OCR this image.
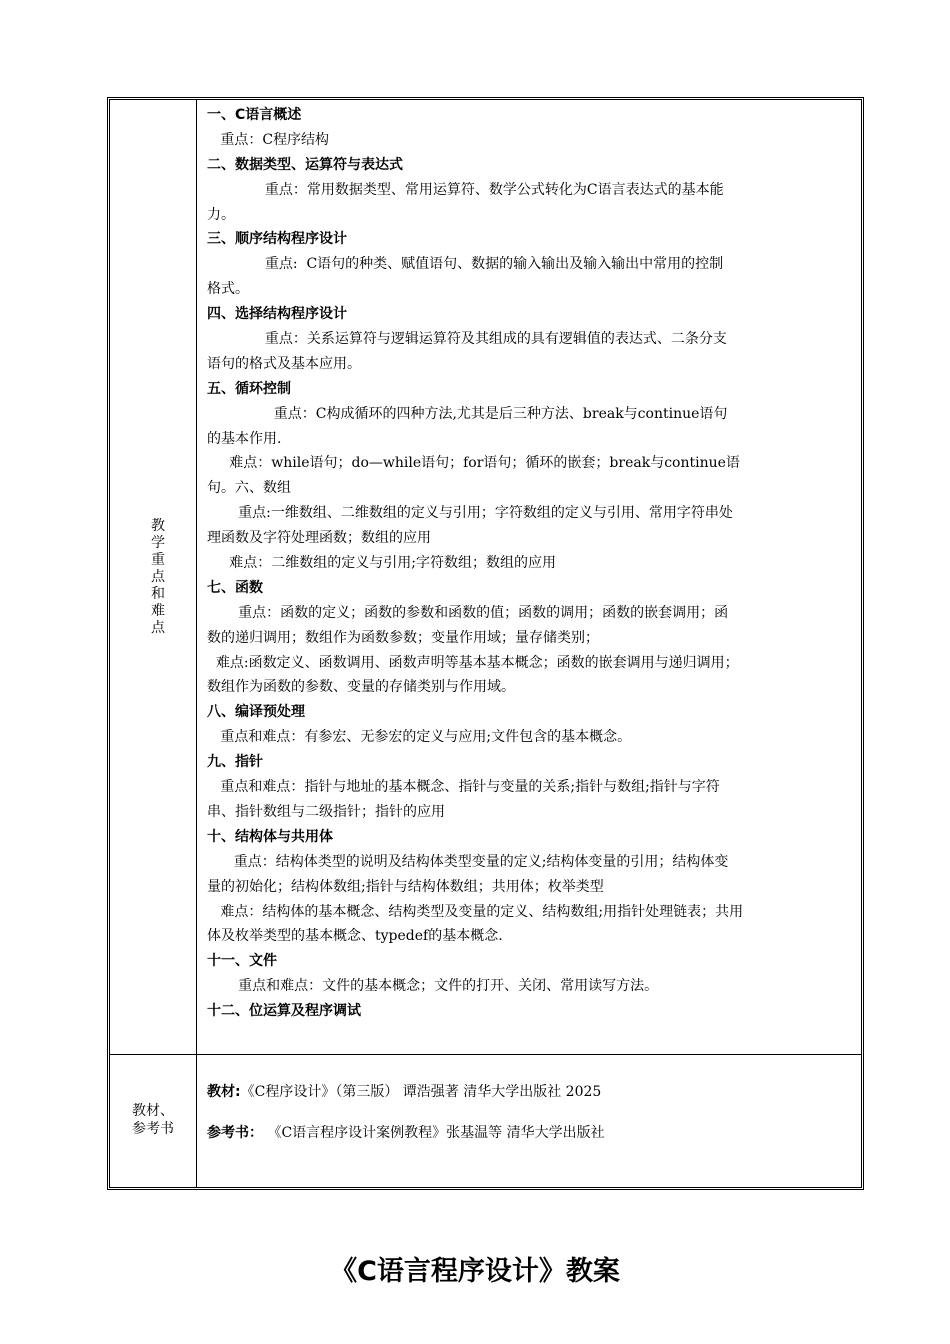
教学重点和难点
一、C语言概述
重点：C程序结构
二、数据类型、运算符与表达式
重点：常用数据类型、常用运算符、数学公式转化为C语言表达式的基本能
力。
三、顺序结构程序设计
重点:  C语句的种类、赋值语句、数据的输入输出及输入输出中常用的控制
格式。
四、选择结构程序设计
重点：关系运算符与逻辑运算符及其组成的具有逻辑值的表达式、二条分支
语句的格式及基本应用。
五、循环控制
重点：C构成循环的四种方法,尤其是后三种方法、break与continue语句
的基本作用.
难点：while语句；do—while语句；for语句；循环的嵌套；break与continue语
句。六、数组
重点:一维数组、二维数组的定义与引用；字符数组的定义与引用、常用字符串处
理函数及字符处理函数；数组的应用
难点：二维数组的定义与引用;字符数组；数组的应用
七、函数
重点：函数的定义；函数的参数和函数的值；函数的调用；函数的嵌套调用；函
数的递归调用；数组作为函数参数；变量作用域；量存储类别；
难点:函数定义、函数调用、函数声明等基本基本概念；函数的嵌套调用与递归调用；
数组作为函数的参数、变量的存储类别与作用域。
八、编译预处理
重点和难点：有参宏、无参宏的定义与应用;文件包含的基本概念。
九、指针
重点和难点：指针与地址的基本概念、指针与变量的关系;指针与数组;指针与字符
串、指针数组与二级指针；指针的应用
十、结构体与共用体
重点：结构体类型的说明及结构体类型变量的定义;结构体变量的引用；结构体变
量的初始化；结构体数组;指针与结构体数组；共用体；枚举类型
难点：结构体的基本概念、结构类型及变量的定义、结构数组;用指针处理链表；共用
体及枚举类型的基本概念、typedef的基本概念.
十一、文件
重点和难点：文件的基本概念；文件的打开、关闭、常用读写方法。
十二、位运算及程序调试
教材、
参考书
教材:《C程序设计》（第三版） 谭浩强著 清华大学出版社 2025
参考书： 《C语言程序设计案例教程》张基温等 清华大学出版社
《C语言程序设计》教案
